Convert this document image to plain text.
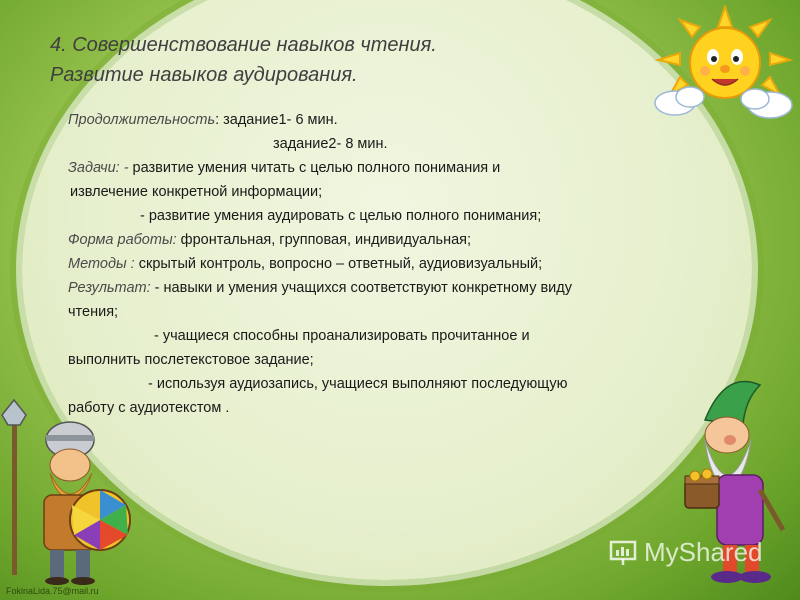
4. Совершенствование навыков чтения.
Развитие навыков аудирования.
Продолжительность: задание1- 6 мин.
задание2- 8 мин.
Задачи: - развитие умения читать с целью полного понимания и
извлечение конкретной информации;
- развитие умения аудировать с целью полного понимания;
Форма работы: фронтальная, групповая, индивидуальная;
Методы : скрытый контроль, вопросно – ответный, аудиовизуальный;
Результат: - навыки и умения учащихся соответствуют конкретному виду
чтения;
- учащиеся способны проанализировать прочитанное и
выполнить послетекстовое задание;
- используя аудиозапись, учащиеся выполняют последующую
работу с аудиотекстом .
MyShared
FokinaLida.75@mail.ru
